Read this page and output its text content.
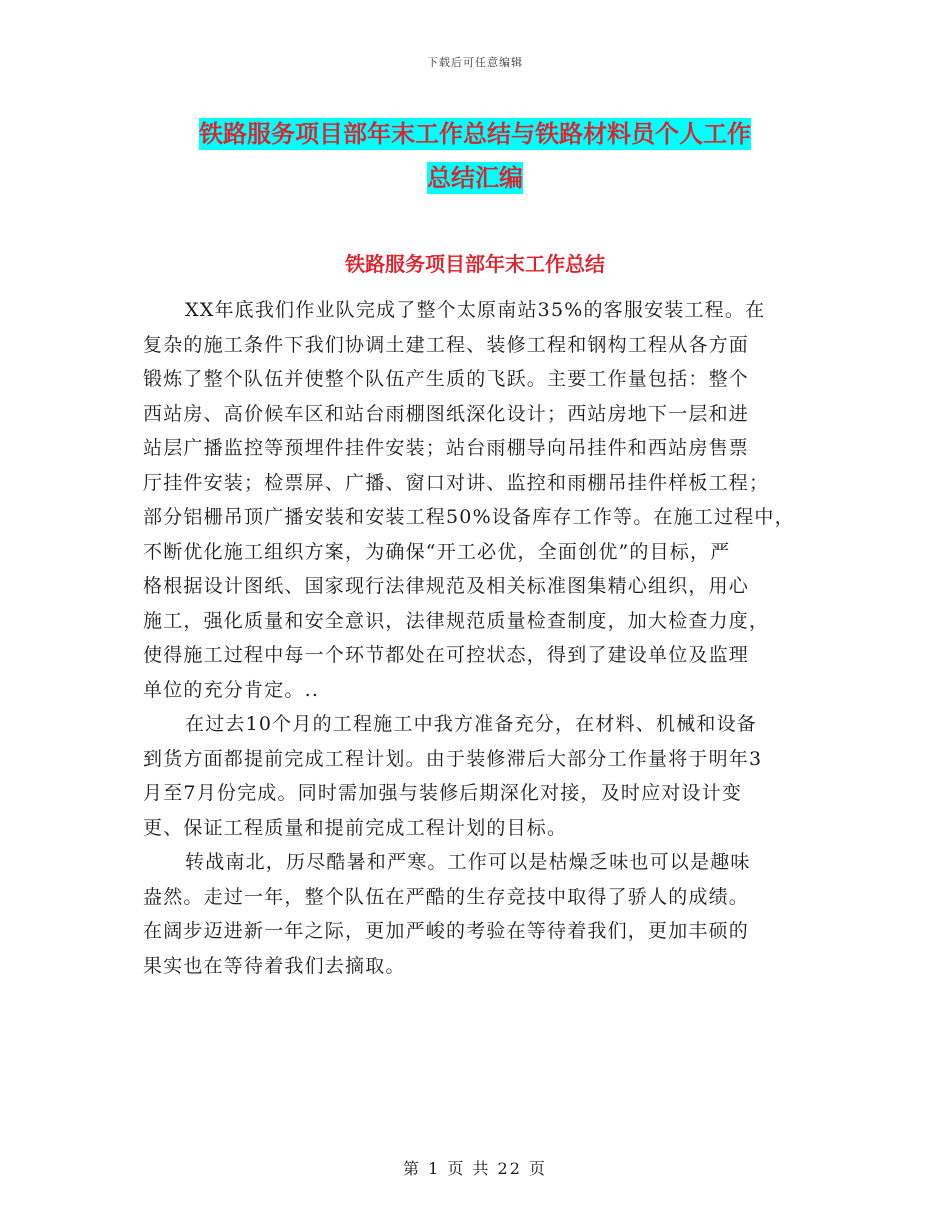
下载后可任意编辑
铁路服务项目部年末工作总结与铁路材料员个人工作
总结汇编
铁路服务项目部年末工作总结
XX年底我们作业队完成了整个太原南站35%的客服安装工程。在
复杂的施工条件下我们协调土建工程、装修工程和钢构工程从各方面
锻炼了整个队伍并使整个队伍产生质的飞跃。主要工作量包括：整个
西站房、高价候车区和站台雨棚图纸深化设计；西站房地下一层和进
站层广播监控等预埋件挂件安装；站台雨棚导向吊挂件和西站房售票
厅挂件安装；检票屏、广播、窗口对讲、监控和雨棚吊挂件样板工程；
部分铝栅吊顶广播安装和安装工程50%设备库存工作等。在施工过程中，
不断优化施工组织方案，为确保“开工必优，全面创优”的目标，严
格根据设计图纸、国家现行法律规范及相关标准图集精心组织，用心
施工，强化质量和安全意识，法律规范质量检查制度，加大检查力度，
使得施工过程中每一个环节都处在可控状态，得到了建设单位及监理
单位的充分肯定。..
在过去10个月的工程施工中我方准备充分，在材料、机械和设备
到货方面都提前完成工程计划。由于装修滞后大部分工作量将于明年3
月至7月份完成。同时需加强与装修后期深化对接，及时应对设计变
更、保证工程质量和提前完成工程计划的目标。
转战南北，历尽酷暑和严寒。工作可以是枯燥乏味也可以是趣味
盎然。走过一年，整个队伍在严酷的生存竞技中取得了骄人的成绩。
在阔步迈进新一年之际，更加严峻的考验在等待着我们，更加丰硕的
果实也在等待着我们去摘取。
第 1 页 共 22 页
